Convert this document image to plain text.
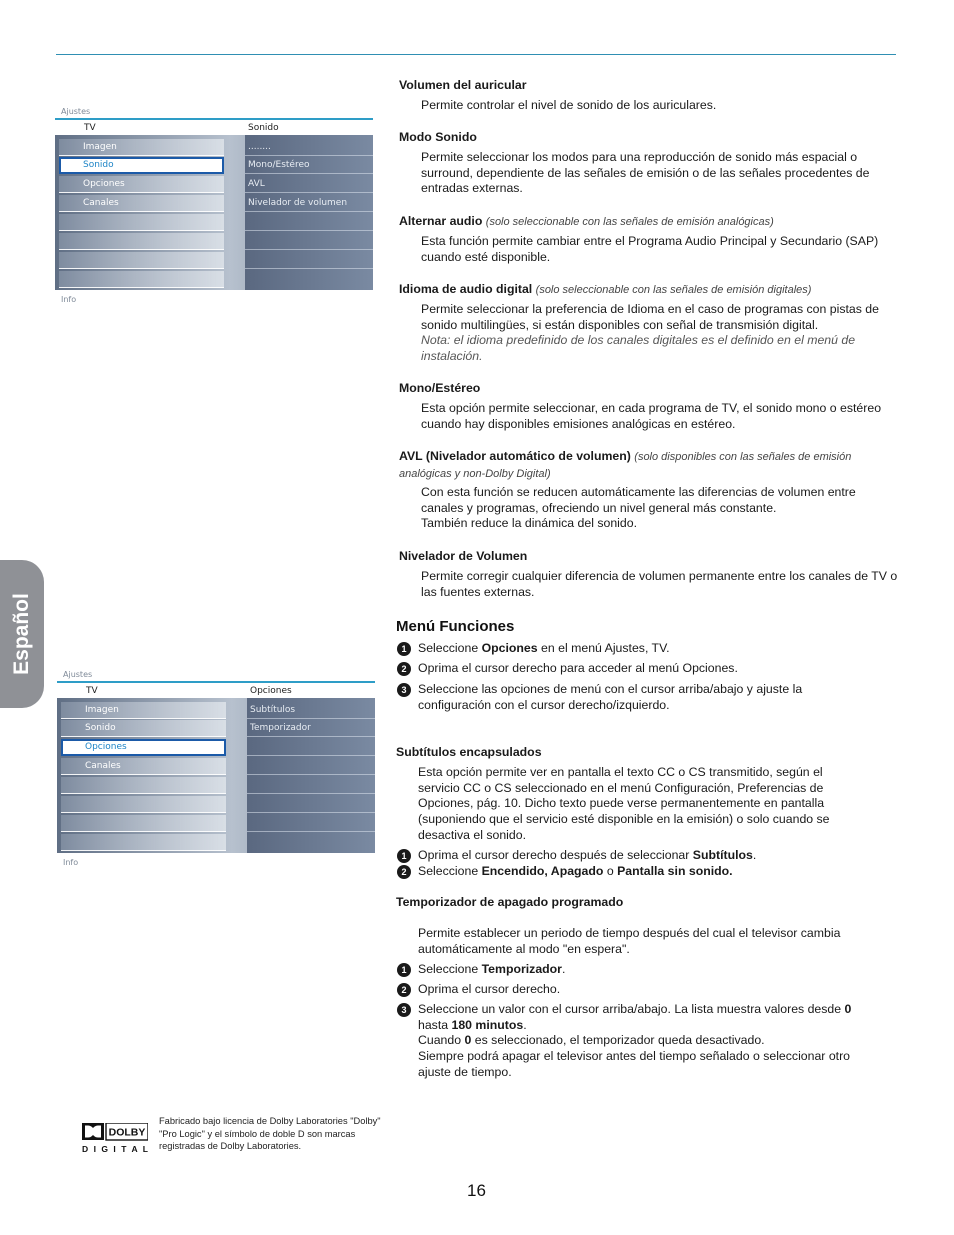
Español
Ajustes
TV	Sonido
Imagen
Sonido
Opciones
Canales
........
Mono/Estéreo
AVL
Nivelador de volumen
Info
Ajustes
TV	Opciones
Imagen
Sonido
Opciones
Canales
Subtítulos
Temporizador
Info
Volumen del auricular
Permite controlar el nivel de sonido de los auriculares.
Modo Sonido
Permite seleccionar los modos para una reproducción de sonido más espacial o surround, dependiente de las señales de emisión o de las señales procedentes de entradas externas.
Alternar audio (solo seleccionable con las señales de emisión analógicas)
Esta función permite cambiar entre el Programa Audio Principal y Secundario (SAP) cuando esté disponible.
Idioma de audio digital (solo seleccionable con las señales de emisión digitales)
Permite seleccionar la preferencia de Idioma en el caso de programas con pistas de sonido multilingües, si están disponibles con señal de transmisión digital.
Nota: el idioma predefinido de los canales digitales es el definido en el menú de instalación.
Mono/Estéreo
Esta opción permite seleccionar, en cada programa de TV, el sonido mono o estéreo cuando hay disponibles emisiones analógicas en estéreo.
AVL (Nivelador automático de volumen) (solo disponibles con las señales de emisión analógicas y non-Dolby Digital)
Con esta función se reducen automáticamente las diferencias de volumen entre canales y programas, ofreciendo un nivel general más constante.
También reduce la dinámica del sonido.
Nivelador de Volumen
Permite corregir cualquier diferencia de volumen permanente entre los canales de TV o las fuentes externas.
Menú Funciones
1 Seleccione Opciones en el menú Ajustes, TV.
2 Oprima el cursor derecho para acceder al menú Opciones.
3 Seleccione las opciones de menú con el cursor arriba/abajo y ajuste la configuración con el cursor derecho/izquierdo.
Subtítulos encapsulados
Esta opción permite ver en pantalla el texto CC o CS transmitido, según el servicio CC o CS seleccionado en el menú Configuración, Preferencias de Opciones, pág. 10. Dicho texto puede verse permanentemente en pantalla (suponiendo que el servicio esté disponible en la emisión) o solo cuando se desactiva el sonido.
1 Oprima el cursor derecho después de seleccionar Subtítulos.
2 Seleccione Encendido, Apagado o Pantalla sin sonido.
Temporizador de apagado programado
Permite establecer un periodo de tiempo después del cual el televisor cambia automáticamente al modo "en espera".
1 Seleccione Temporizador.
2 Oprima el cursor derecho.
3 Seleccione un valor con el cursor arriba/abajo. La lista muestra valores desde 0 hasta 180 minutos.
Cuando 0 es seleccionado, el temporizador queda desactivado.
Siempre podrá apagar el televisor antes del tiempo señalado o seleccionar otro ajuste de tiempo.
DOLBY
D I G I T A L
Fabricado bajo licencia de Dolby Laboratories "Dolby" "Pro Logic" y el símbolo de doble D son marcas registradas de Dolby Laboratories.
16
